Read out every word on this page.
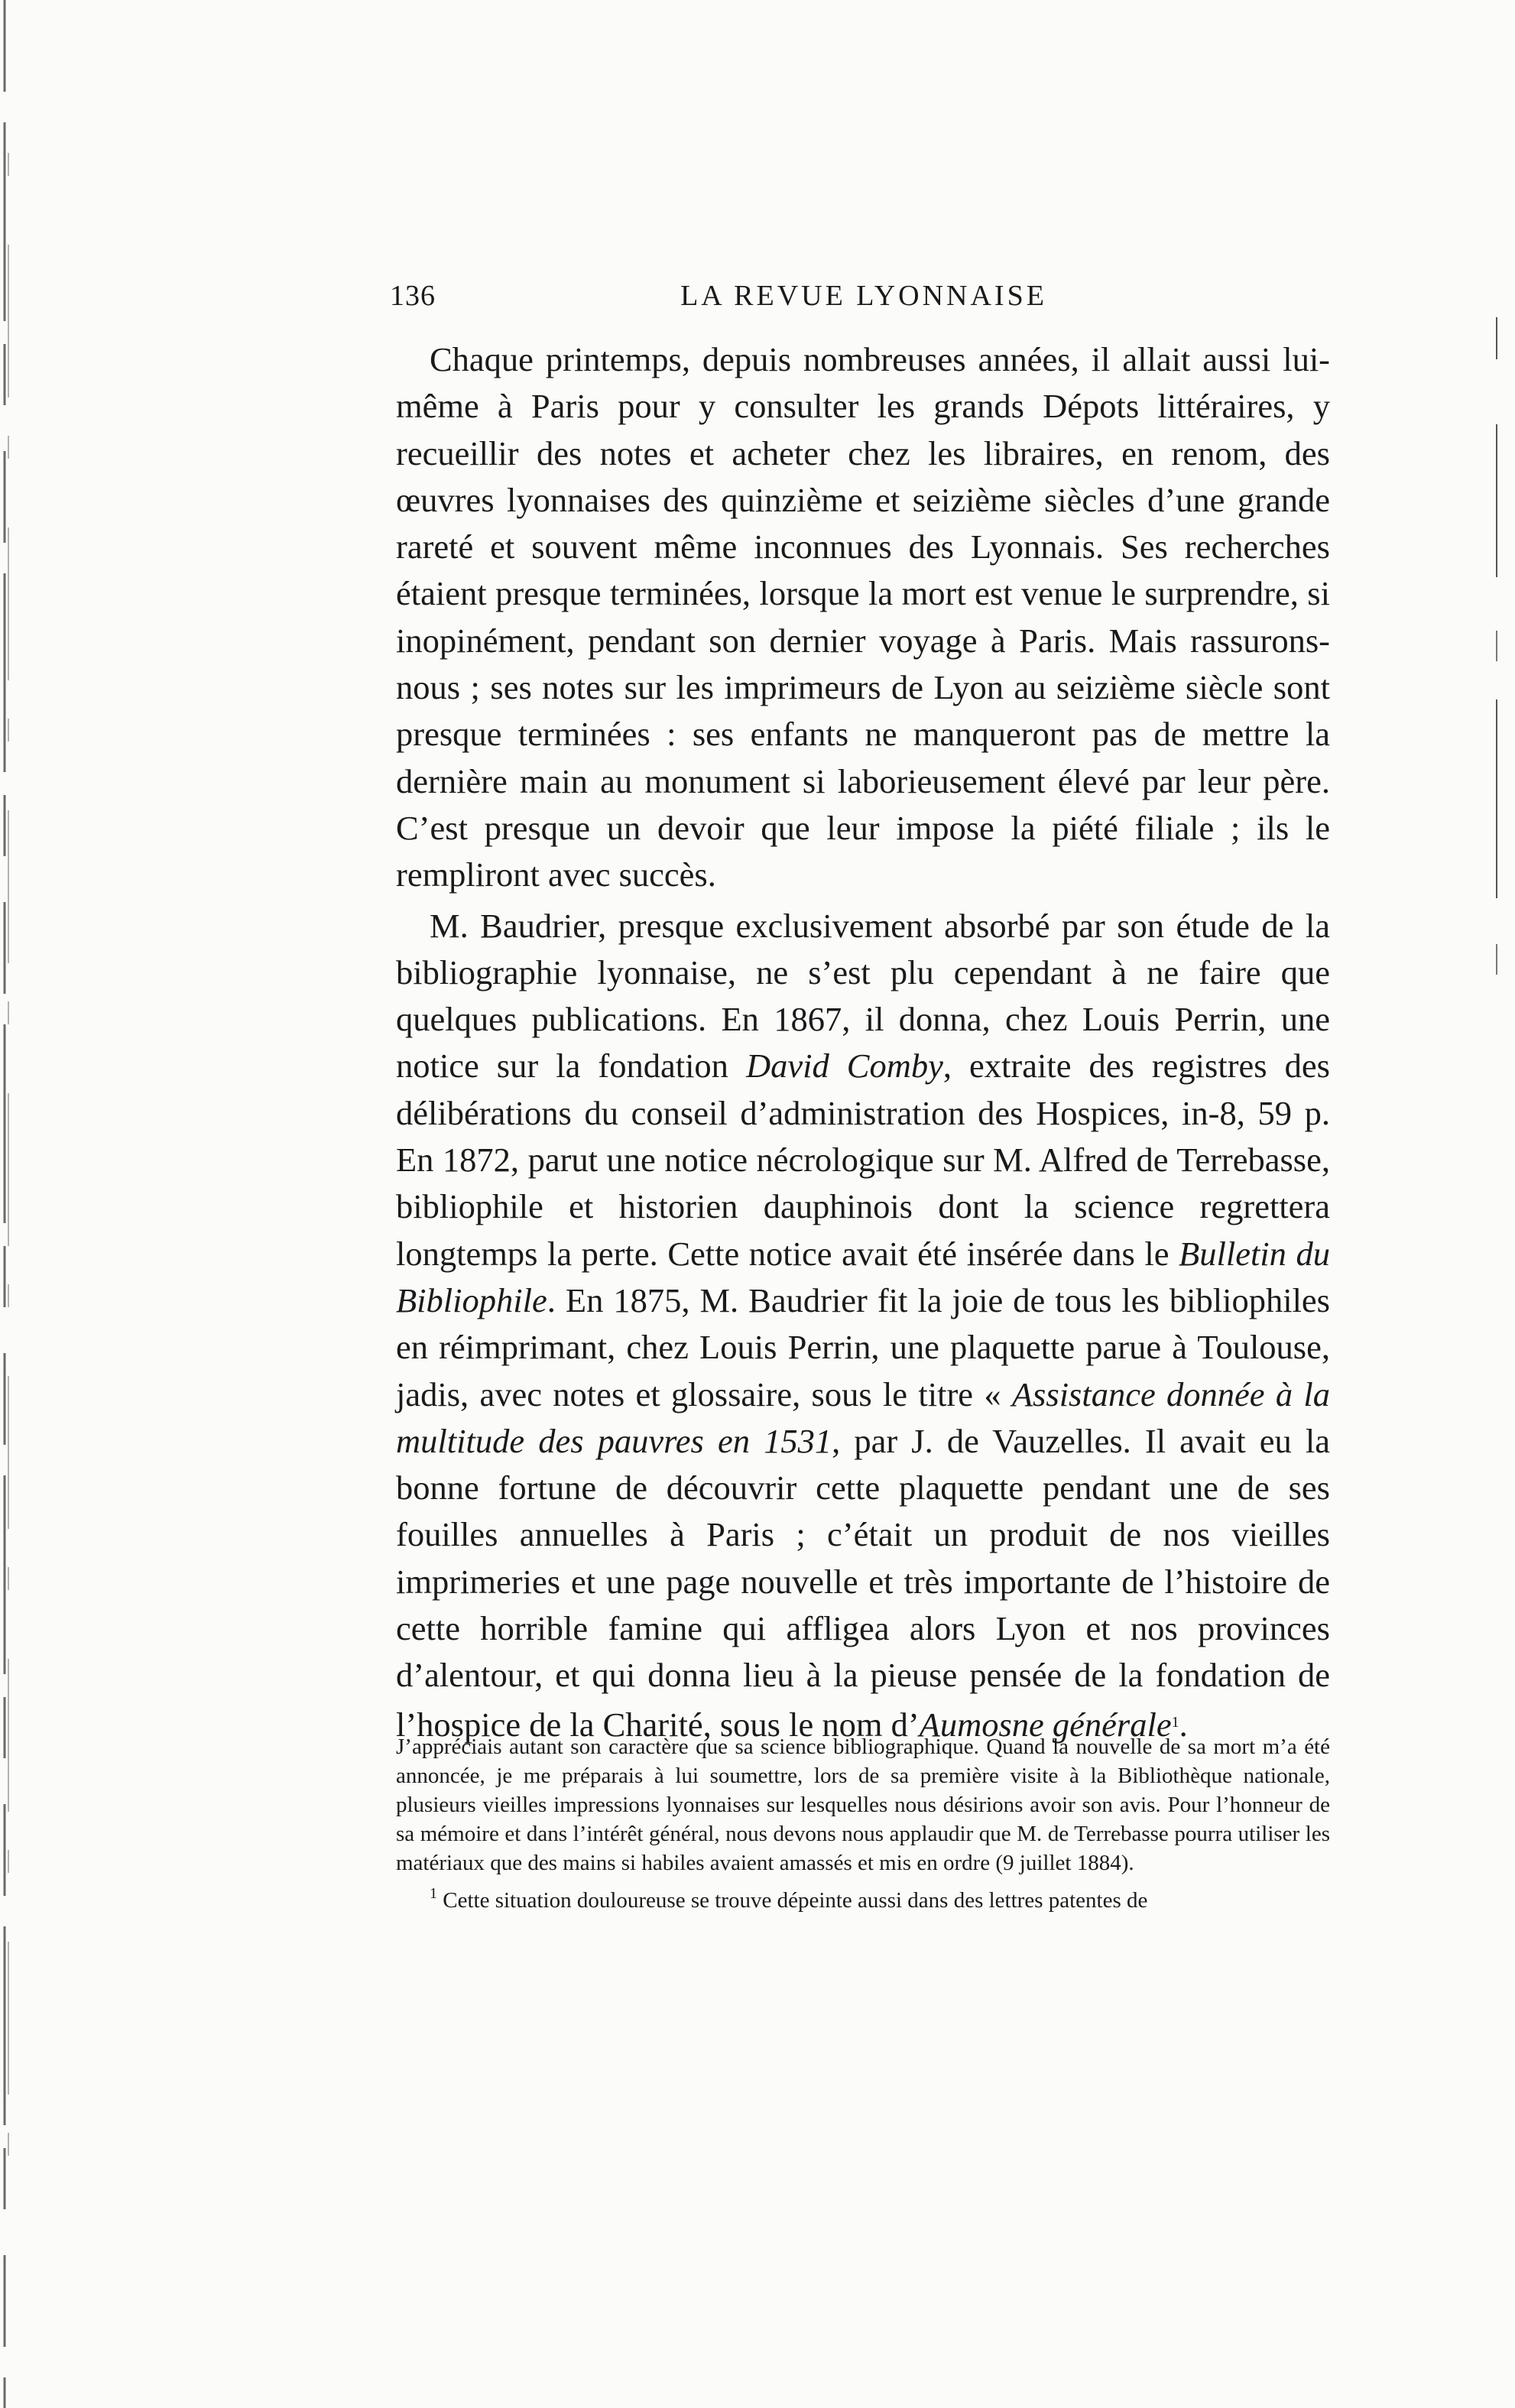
136	LA REVUE LYONNAISE

Chaque printemps, depuis nombreuses années, il allait aussi lui-même à Paris pour y consulter les grands Dépots littéraires, y recueillir des notes et acheter chez les libraires, en renom, des œuvres lyonnaises des quinzième et seizième siècles d’une grande rareté et souvent même inconnues des Lyonnais. Ses recherches étaient presque terminées, lorsque la mort est venue le surprendre, si inopinément, pendant son dernier voyage à Paris. Mais rassurons-nous ; ses notes sur les imprimeurs de Lyon au seizième siècle sont presque terminées : ses enfants ne manqueront pas de mettre la dernière main au monument si laborieusement élevé par leur père. C’est presque un devoir que leur impose la piété filiale ; ils le rempliront avec succès.

M. Baudrier, presque exclusivement absorbé par son étude de la bibliographie lyonnaise, ne s’est plu cependant à ne faire que quelques publications. En 1867, il donna, chez Louis Perrin, une notice sur la fondation David Comby, extraite des registres des délibérations du conseil d’administration des Hospices, in-8, 59 p. En 1872, parut une notice nécrologique sur M. Alfred de Terrebasse, bibliophile et historien dauphinois dont la science regrettera longtemps la perte. Cette notice avait été insérée dans le Bulletin du Bibliophile. En 1875, M. Baudrier fit la joie de tous les bibliophiles en réimprimant, chez Louis Perrin, une plaquette parue à Toulouse, jadis, avec notes et glossaire, sous le titre « Assistance donnée à la multitude des pauvres en 1531, par J. de Vauzelles. Il avait eu la bonne fortune de découvrir cette plaquette pendant une de ses fouilles annuelles à Paris ; c’était un produit de nos vieilles imprimeries et une page nouvelle et très importante de l’histoire de cette horrible famine qui affligea alors Lyon et nos provinces d’alentour, et qui donna lieu à la pieuse pensée de la fondation de l’hospice de la Charité, sous le nom d’Aumosne générale$^1$.

J’appréciais autant son caractère que sa science bibliographique. Quand la nouvelle de sa mort m’a été annoncée, je me préparais à lui soumettre, lors de sa première visite à la Bibliothèque nationale, plusieurs vieilles impressions lyonnaises sur lesquelles nous désirions avoir son avis. Pour l’honneur de sa mémoire et dans l’intérêt général, nous devons nous applaudir que M. de Terrebasse pourra utiliser les matériaux que des mains si habiles avaient amassés et mis en ordre (9 juillet 1884).

$^1$ Cette situation douloureuse se trouve dépeinte aussi dans des lettres patentes de
